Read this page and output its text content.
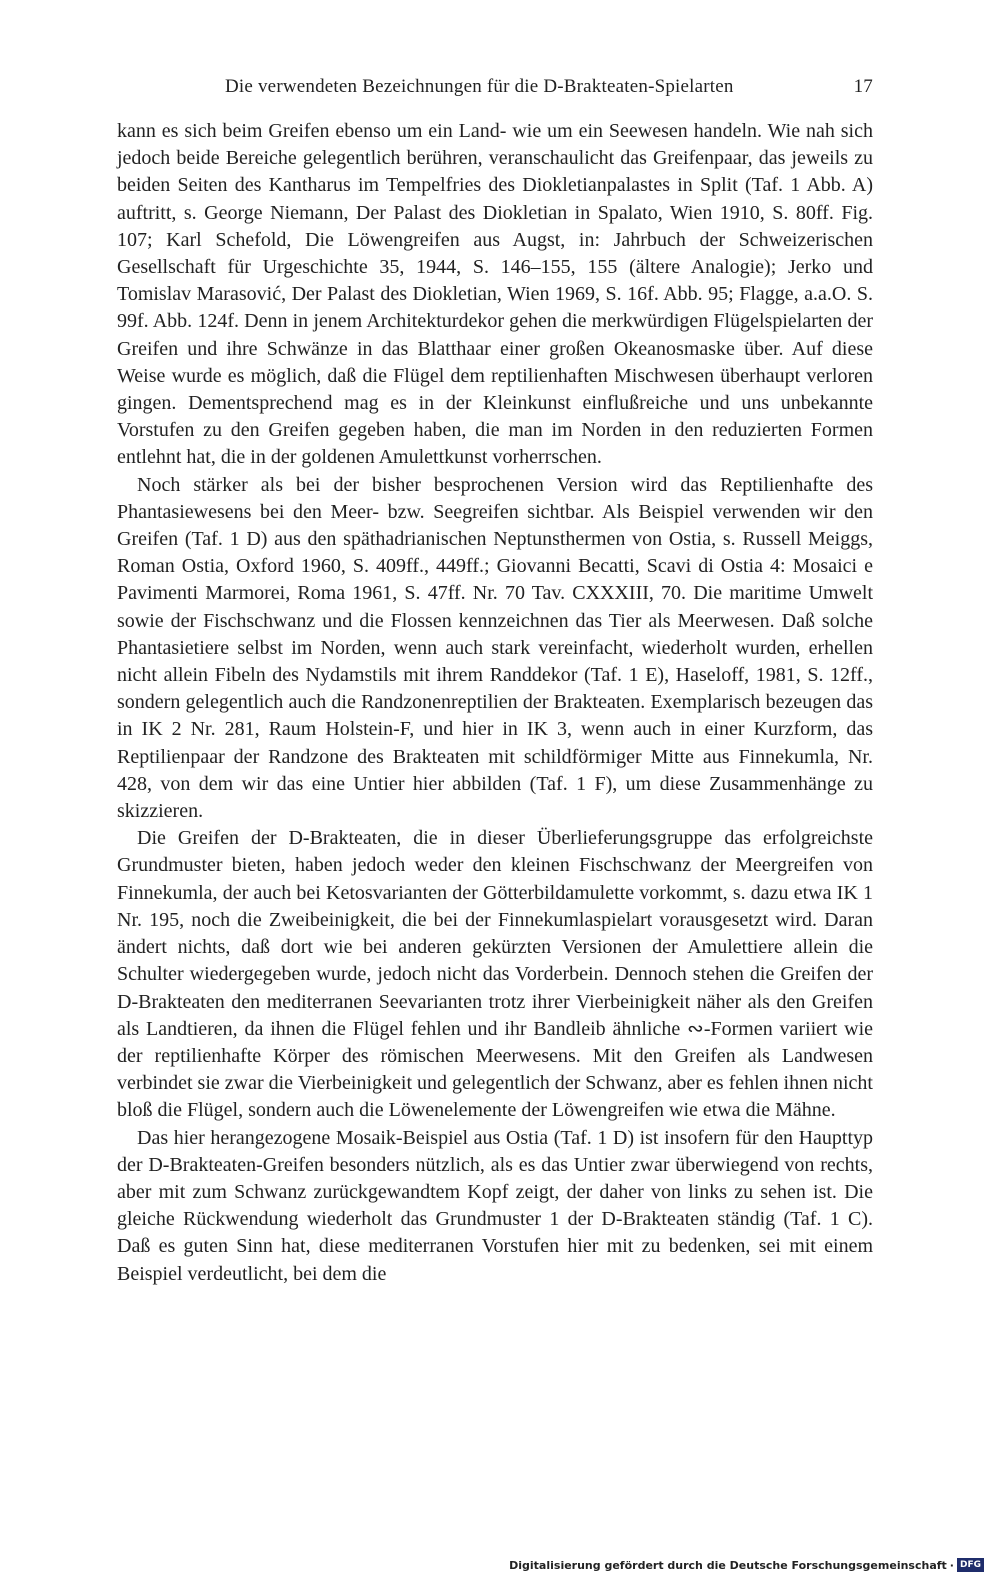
Die verwendeten Bezeichnungen für die D-Brakteaten-Spielarten	17

kann es sich beim Greifen ebenso um ein Land- wie um ein Seewesen handeln. Wie nah sich jedoch beide Bereiche gelegentlich berühren, veranschaulicht das Greifenpaar, das jeweils zu beiden Seiten des Kantharus im Tempelfries des Diokletianpalastes in Split (Taf. 1 Abb. A) auftritt, s. George Niemann, Der Palast des Diokletian in Spalato, Wien 1910, S. 80ff. Fig. 107; Karl Schefold, Die Löwengreifen aus Augst, in: Jahrbuch der Schweizerischen Gesellschaft für Urgeschichte 35, 1944, S. 146–155, 155 (ältere Analogie); Jerko und Tomislav Marasović, Der Palast des Diokletian, Wien 1969, S. 16f. Abb. 95; Flagge, a.a.O. S. 99f. Abb. 124f. Denn in jenem Architekturdekor gehen die merkwürdigen Flügelspielarten der Greifen und ihre Schwänze in das Blatthaar einer großen Okeanosmaske über. Auf diese Weise wurde es möglich, daß die Flügel dem reptilienhaften Mischwesen überhaupt verloren gingen. Dementsprechend mag es in der Kleinkunst einflußreiche und uns unbekannte Vorstufen zu den Greifen gegeben haben, die man im Norden in den reduzierten Formen entlehnt hat, die in der goldenen Amulettkunst vorherrschen.

Noch stärker als bei der bisher besprochenen Version wird das Reptilienhafte des Phantasiewesens bei den Meer- bzw. Seegreifen sichtbar. Als Beispiel verwenden wir den Greifen (Taf. 1 D) aus den späthadrianischen Neptunsthermen von Ostia, s. Russell Meiggs, Roman Ostia, Oxford 1960, S. 409ff., 449ff.; Giovanni Becatti, Scavi di Ostia 4: Mosaici e Pavimenti Marmorei, Roma 1961, S. 47ff. Nr. 70 Tav. CXXXIII, 70. Die maritime Umwelt sowie der Fischschwanz und die Flossen kennzeichnen das Tier als Meerwesen. Daß solche Phantasietiere selbst im Norden, wenn auch stark vereinfacht, wiederholt wurden, erhellen nicht allein Fibeln des Nydamstils mit ihrem Randdekor (Taf. 1 E), Haseloff, 1981, S. 12ff., sondern gelegentlich auch die Randzonenreptilien der Brakteaten. Exemplarisch bezeugen das in IK 2 Nr. 281, Raum Holstein-F, und hier in IK 3, wenn auch in einer Kurzform, das Reptilienpaar der Randzone des Brakteaten mit schildförmiger Mitte aus Finnekumla, Nr. 428, von dem wir das eine Untier hier abbilden (Taf. 1 F), um diese Zusammenhänge zu skizzieren.

Die Greifen der D-Brakteaten, die in dieser Überlieferungsgruppe das erfolgreichste Grundmuster bieten, haben jedoch weder den kleinen Fischschwanz der Meergreifen von Finnekumla, der auch bei Ketosvarianten der Götterbildamulette vorkommt, s. dazu etwa IK 1 Nr. 195, noch die Zweibeinigkeit, die bei der Finnekumlaspielart vorausgesetzt wird. Daran ändert nichts, daß dort wie bei anderen gekürzten Versionen der Amulettiere allein die Schulter wiedergegeben wurde, jedoch nicht das Vorderbein. Dennoch stehen die Greifen der D-Brakteaten den mediterranen Seevarianten trotz ihrer Vierbeinigkeit näher als den Greifen als Landtieren, da ihnen die Flügel fehlen und ihr Bandleib ähnliche ∾-Formen variiert wie der reptilienhafte Körper des römischen Meerwesens. Mit den Greifen als Landwesen verbindet sie zwar die Vierbeinigkeit und gelegentlich der Schwanz, aber es fehlen ihnen nicht bloß die Flügel, sondern auch die Löwenelemente der Löwengreifen wie etwa die Mähne.

Das hier herangezogene Mosaik-Beispiel aus Ostia (Taf. 1 D) ist insofern für den Haupttyp der D-Brakteaten-Greifen besonders nützlich, als es das Untier zwar überwiegend von rechts, aber mit zum Schwanz zurückgewandtem Kopf zeigt, der daher von links zu sehen ist. Die gleiche Rückwendung wiederholt das Grundmuster 1 der D-Brakteaten ständig (Taf. 1 C). Daß es guten Sinn hat, diese mediterranen Vorstufen hier mit zu bedenken, sei mit einem Beispiel verdeutlicht, bei dem die

Digitalisierung gefördert durch die Deutsche Forschungsgemeinschaft · DFG
